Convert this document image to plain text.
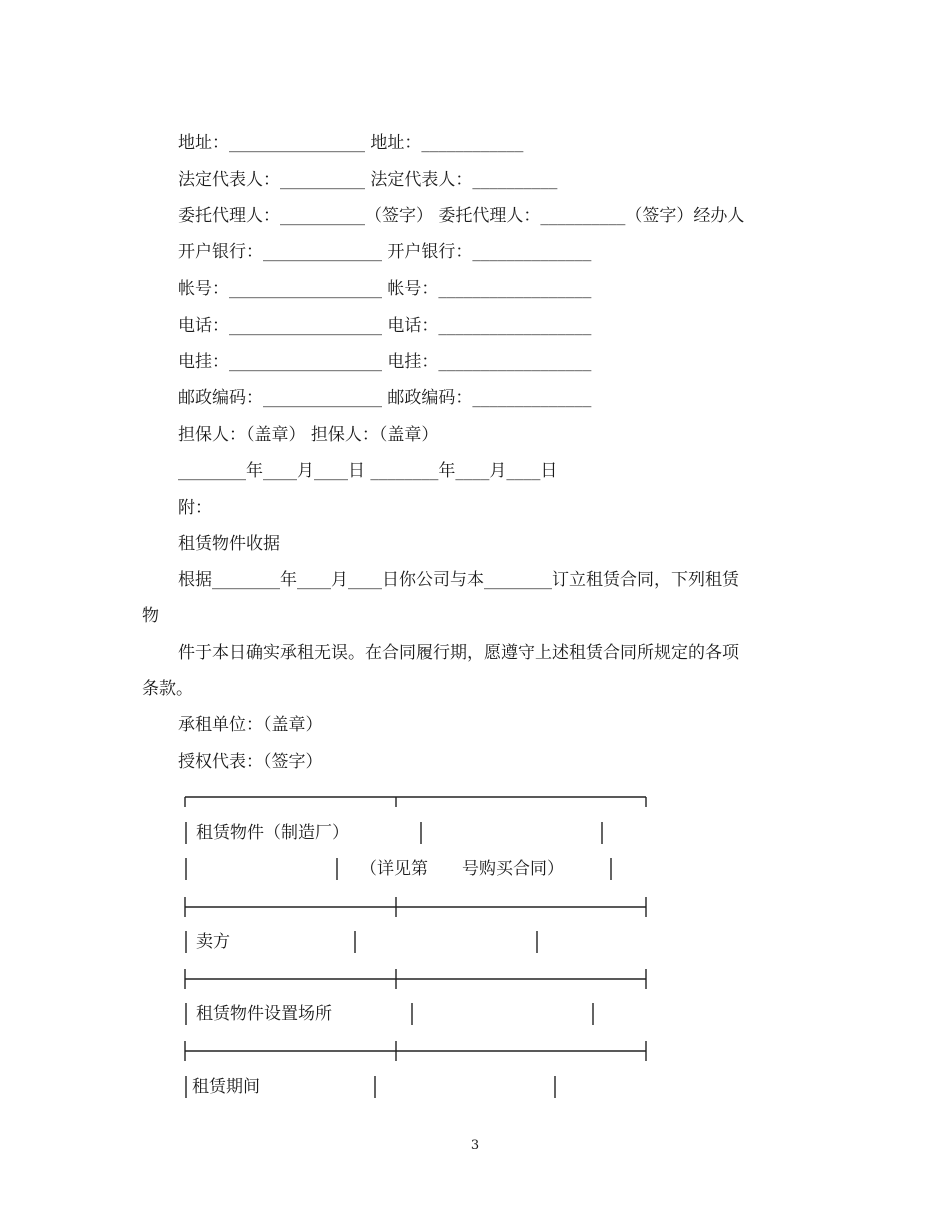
地址：________________ 地址：____________
法定代表人：__________ 法定代表人：__________
委托代理人：__________（签字） 委托代理人：__________（签字）经办人
开户银行：______________ 开户银行：______________
帐号：__________________ 帐号：__________________
电话：__________________ 电话：__________________
电挂：__________________ 电挂：__________________
邮政编码：______________ 邮政编码：______________
担保人：（盖章） 担保人：（盖章）
________年____月____日 ________年____月____日
附：
租赁物件收据
根据________年____月____日你公司与本________订立租赁合同，下列租赁
物
件于本日确实承租无误。在合同履行期，愿遵守上述租赁合同所规定的各项
条款。
承租单位：（盖章）
授权代表：（签字）
租赁物件（制造厂）
（详见第　　号购买合同）
卖方
租赁物件设置场所
租赁期间
3
